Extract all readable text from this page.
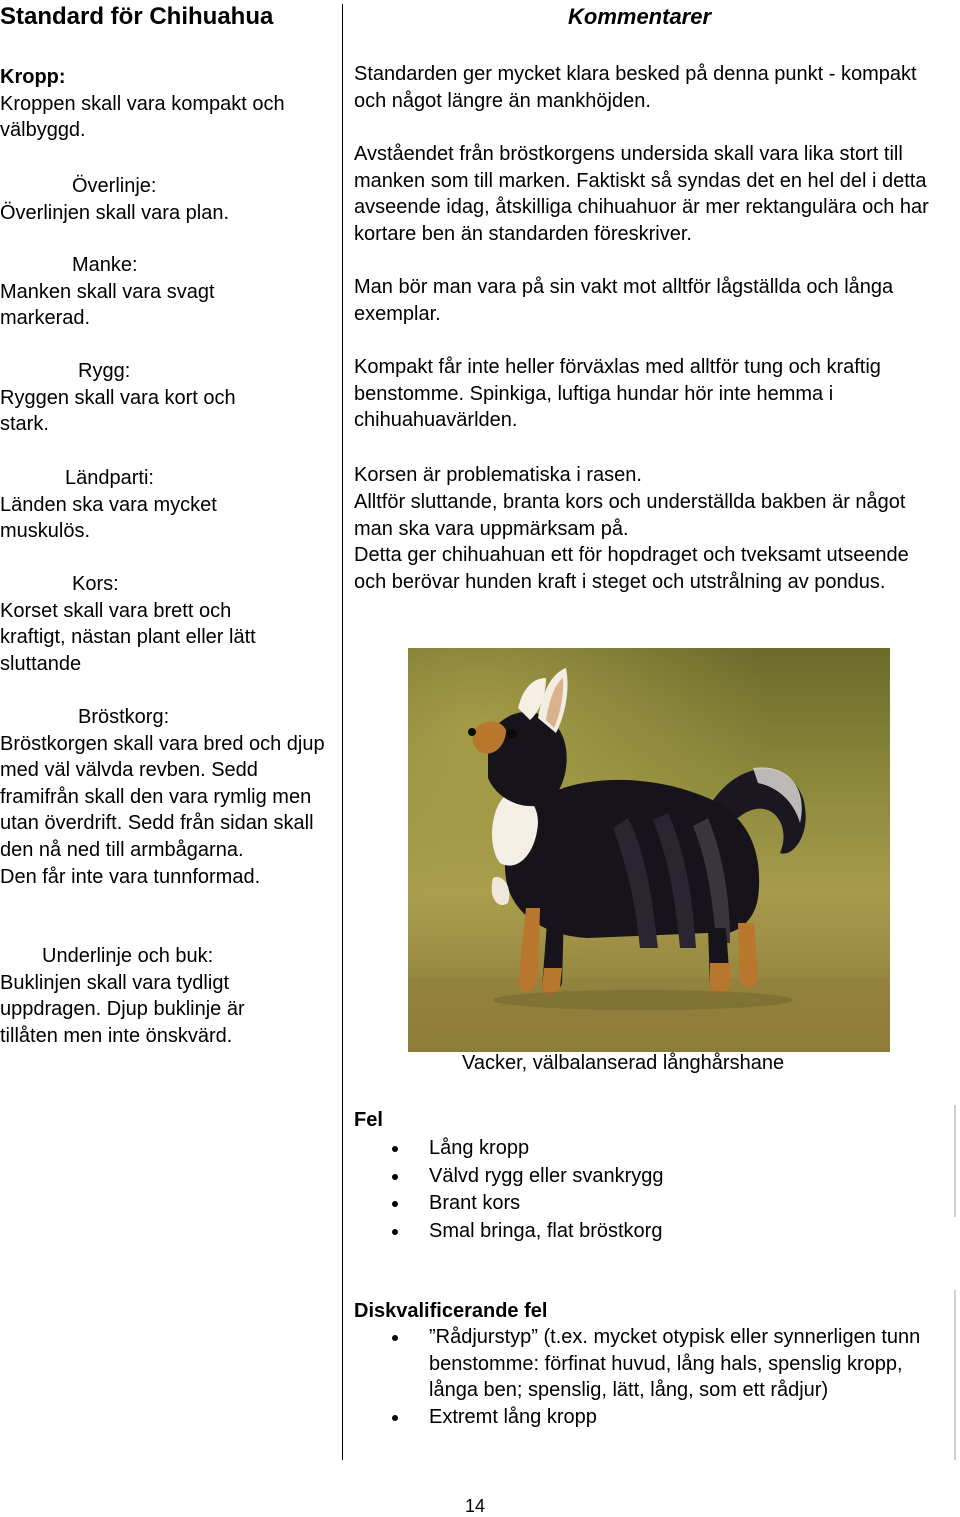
Standard för Chihuahua	Kommentarer
Kropp:
Kroppen skall vara kompakt och välbyggd.
Överlinje:
Överlinjen skall vara plan.
Manke:
Manken skall vara svagt markerad.
Rygg:
Ryggen skall vara kort och stark.
Ländparti:
Länden ska vara mycket muskulös.
Kors:
Korset skall vara brett och kraftigt, nästan plant eller lätt sluttande
Bröstkorg:
Bröstkorgen skall vara bred och djup med väl välvda revben. Sedd framifrån skall den vara rymlig men utan överdrift. Sedd från sidan skall den nå ned till armbågarna.
Den får inte vara tunnformad.
Underlinje och buk:
Buklinjen skall vara tydligt uppdragen. Djup buklinje är tillåten men inte önskvärd.
Standarden ger mycket klara besked på denna punkt - kompakt och något längre än mankhöjden.
Avståendet från bröstkorgens undersida skall vara lika stort till manken som till marken. Faktiskt så syndas det en hel del i detta avseende idag, åtskilliga chihuahuor är mer rektangulära och har kortare ben än standarden föreskriver.
Man bör man vara på sin vakt mot alltför lågställda och långa exemplar.
Kompakt får inte heller förväxlas med alltför tung och kraftig benstomme. Spinkiga, luftiga hundar hör inte hemma i chihuahuavärlden.
Korsen är problematiska i rasen.
Alltför sluttande, branta kors och underställda bakben är något man ska vara uppmärksam på.
Detta ger chihuahuan ett för hopdraget och tveksamt utseende och berövar hunden kraft i steget och utstrålning av pondus.
Vacker, välbalanserad långhårshane
Fel
Lång kropp
Välvd rygg eller svankrygg
Brant kors
Smal bringa, flat bröstkorg
Diskvalificerande fel
”Rådjurstyp” (t.ex. mycket otypisk eller synnerligen tunn benstomme: förfinat huvud, lång hals, spenslig kropp, långa ben; spenslig, lätt, lång, som ett rådjur)
Extremt lång kropp
14
